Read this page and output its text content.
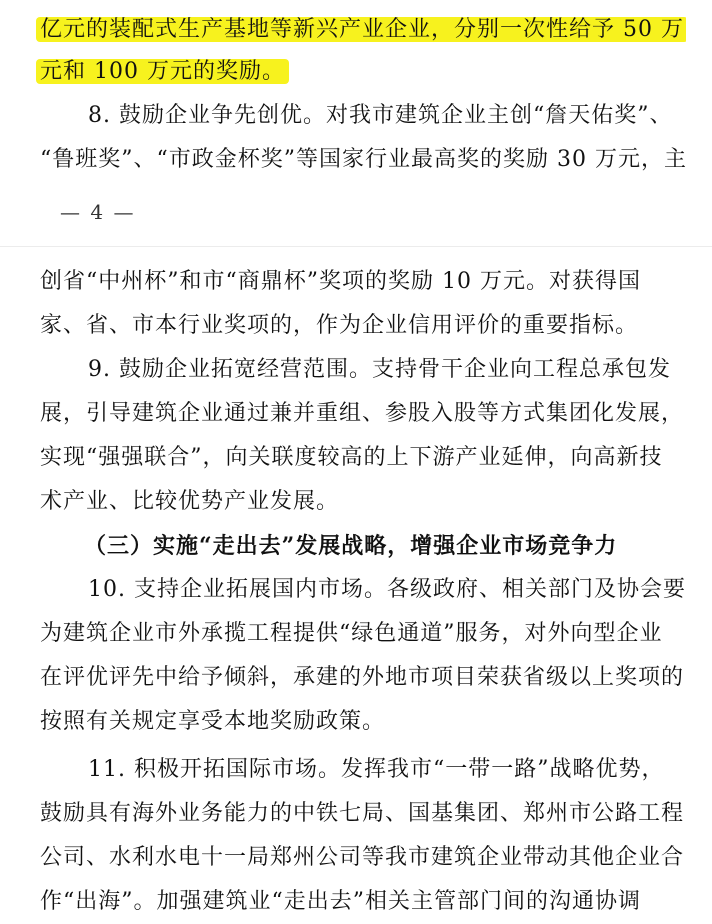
亿元的装配式生产基地等新兴产业企业，分别一次性给予 50 万
元和 100 万元的奖励。
8. 鼓励企业争先创优。对我市建筑企业主创“詹天佑奖”、
“鲁班奖”、“市政金杯奖”等国家行业最高奖的奖励 30 万元，主
— 4 —
创省“中州杯”和市“商鼎杯”奖项的奖励 10 万元。对获得国
家、省、市本行业奖项的，作为企业信用评价的重要指标。
9. 鼓励企业拓宽经营范围。支持骨干企业向工程总承包发
展，引导建筑企业通过兼并重组、参股入股等方式集团化发展，
实现“强强联合”，向关联度较高的上下游产业延伸，向高新技
术产业、比较优势产业发展。
（三）实施“走出去”发展战略，增强企业市场竞争力
10. 支持企业拓展国内市场。各级政府、相关部门及协会要
为建筑企业市外承揽工程提供“绿色通道”服务，对外向型企业
在评优评先中给予倾斜，承建的外地市项目荣获省级以上奖项的
按照有关规定享受本地奖励政策。
11. 积极开拓国际市场。发挥我市“一带一路”战略优势，
鼓励具有海外业务能力的中铁七局、国基集团、郑州市公路工程
公司、水利水电十一局郑州公司等我市建筑企业带动其他企业合
作“出海”。加强建筑业“走出去”相关主管部门间的沟通协调
